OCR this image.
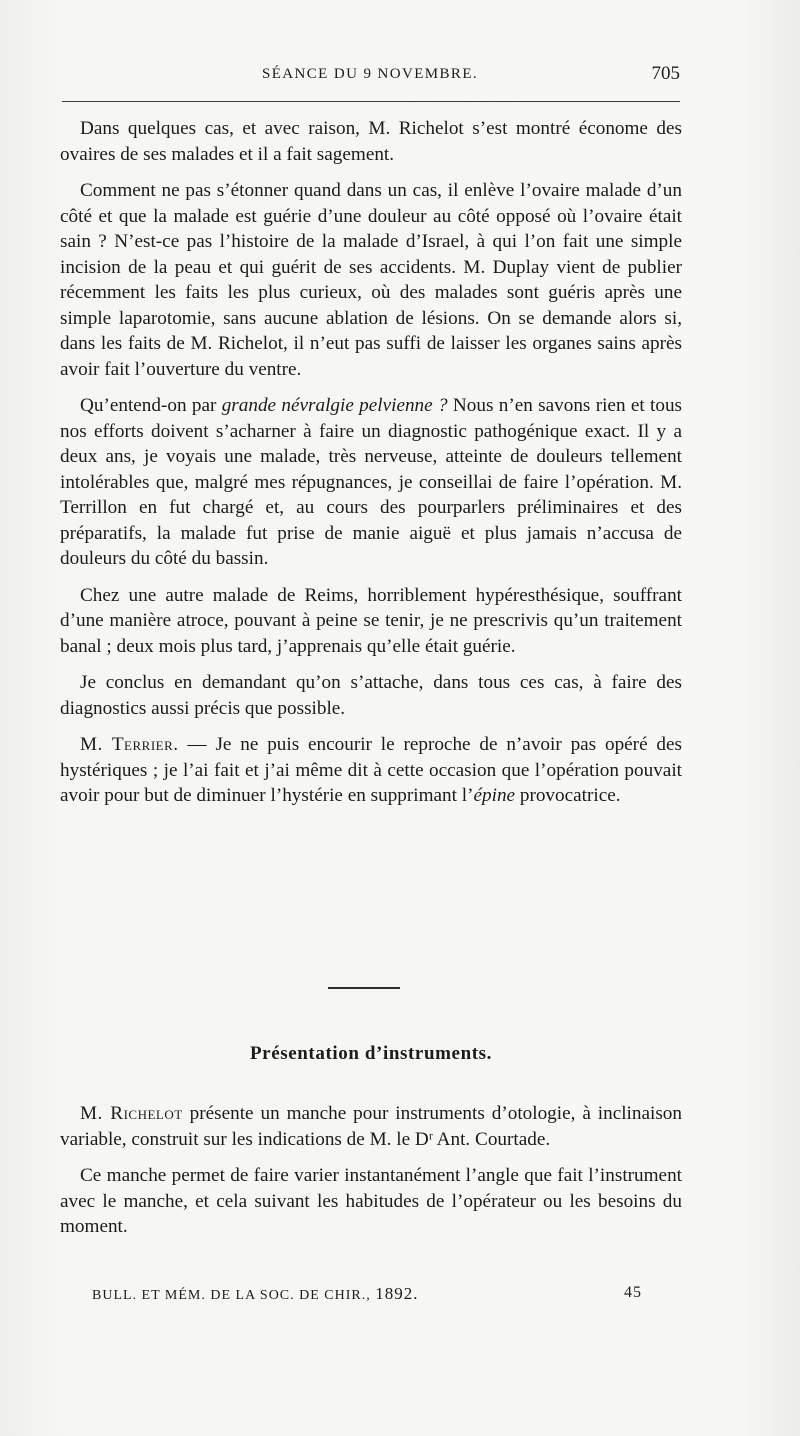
SÉANCE DU 9 NOVEMBRE.	705

Dans quelques cas, et avec raison, M. Richelot s’est montré économe des ovaires de ses malades et il a fait sagement.

Comment ne pas s’étonner quand dans un cas, il enlève l’ovaire malade d’un côté et que la malade est guérie d’une douleur au côté opposé où l’ovaire était sain ? N’est-ce pas l’histoire de la malade d’Israel, à qui l’on fait une simple incision de la peau et qui guérit de ses accidents. M. Duplay vient de publier récemment les faits les plus curieux, où des malades sont guéris après une simple laparotomie, sans aucune ablation de lésions. On se demande alors si, dans les faits de M. Richelot, il n’eut pas suffi de laisser les organes sains après avoir fait l’ouverture du ventre.

Qu’entend-on par grande névralgie pelvienne ? Nous n’en savons rien et tous nos efforts doivent s’acharner à faire un diagnostic pathogénique exact. Il y a deux ans, je voyais une malade, très nerveuse, atteinte de douleurs tellement intolérables que, malgré mes répugnances, je conseillai de faire l’opération. M. Terrillon en fut chargé et, au cours des pourparlers préliminaires et des préparatifs, la malade fut prise de manie aiguë et plus jamais n’accusa de douleurs du côté du bassin.

Chez une autre malade de Reims, horriblement hypéresthésique, souffrant d’une manière atroce, pouvant à peine se tenir, je ne prescrivis qu’un traitement banal ; deux mois plus tard, j’apprenais qu’elle était guérie.

Je conclus en demandant qu’on s’attache, dans tous ces cas, à faire des diagnostics aussi précis que possible.

M. Terrier. — Je ne puis encourir le reproche de n’avoir pas opéré des hystériques ; je l’ai fait et j’ai même dit à cette occasion que l’opération pouvait avoir pour but de diminuer l’hystérie en supprimant l’épine provocatrice.

Présentation d’instruments.

M. Richelot présente un manche pour instruments d’otologie, à inclinaison variable, construit sur les indications de M. le Dʳ Ant. Courtade.

Ce manche permet de faire varier instantanément l’angle que fait l’instrument avec le manche, et cela suivant les habitudes de l’opérateur ou les besoins du moment.

BULL. ET MÉM. DE LA SOC. DE CHIR., 1892.	45
